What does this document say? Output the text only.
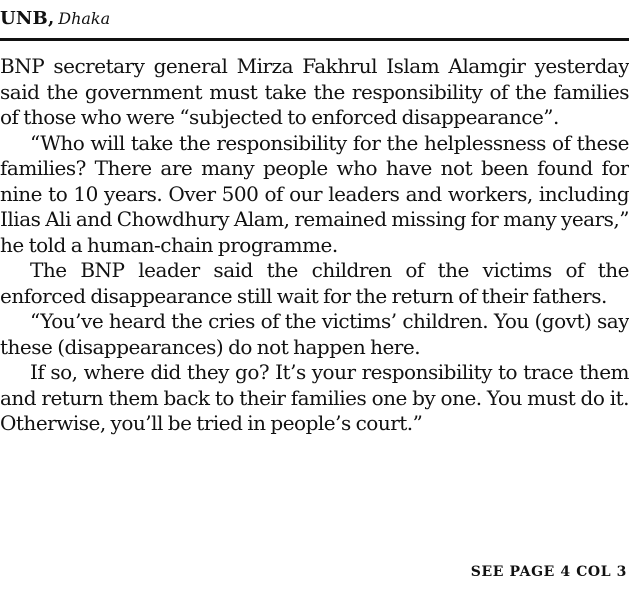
UNB, Dhaka

BNP secretary general Mirza Fakhrul Islam Alamgir yesterday said the government must take the responsibility of the families of those who were “subjected to enforced disappearance”.

“Who will take the responsibility for the helplessness of these families? There are many people who have not been found for nine to 10 years. Over 500 of our leaders and workers, including Ilias Ali and Chowdhury Alam, remained missing for many years,” he told a human-chain programme.

The BNP leader said the children of the victims of the enforced disappearance still wait for the return of their fathers.

“You’ve heard the cries of the victims’ children. You (govt) say these (disappearances) do not happen here.

If so, where did they go? It’s your responsibility to trace them and return them back to their families one by one. You must do it. Otherwise, you’ll be tried in people’s court.”

SEE PAGE 4 COL 3
